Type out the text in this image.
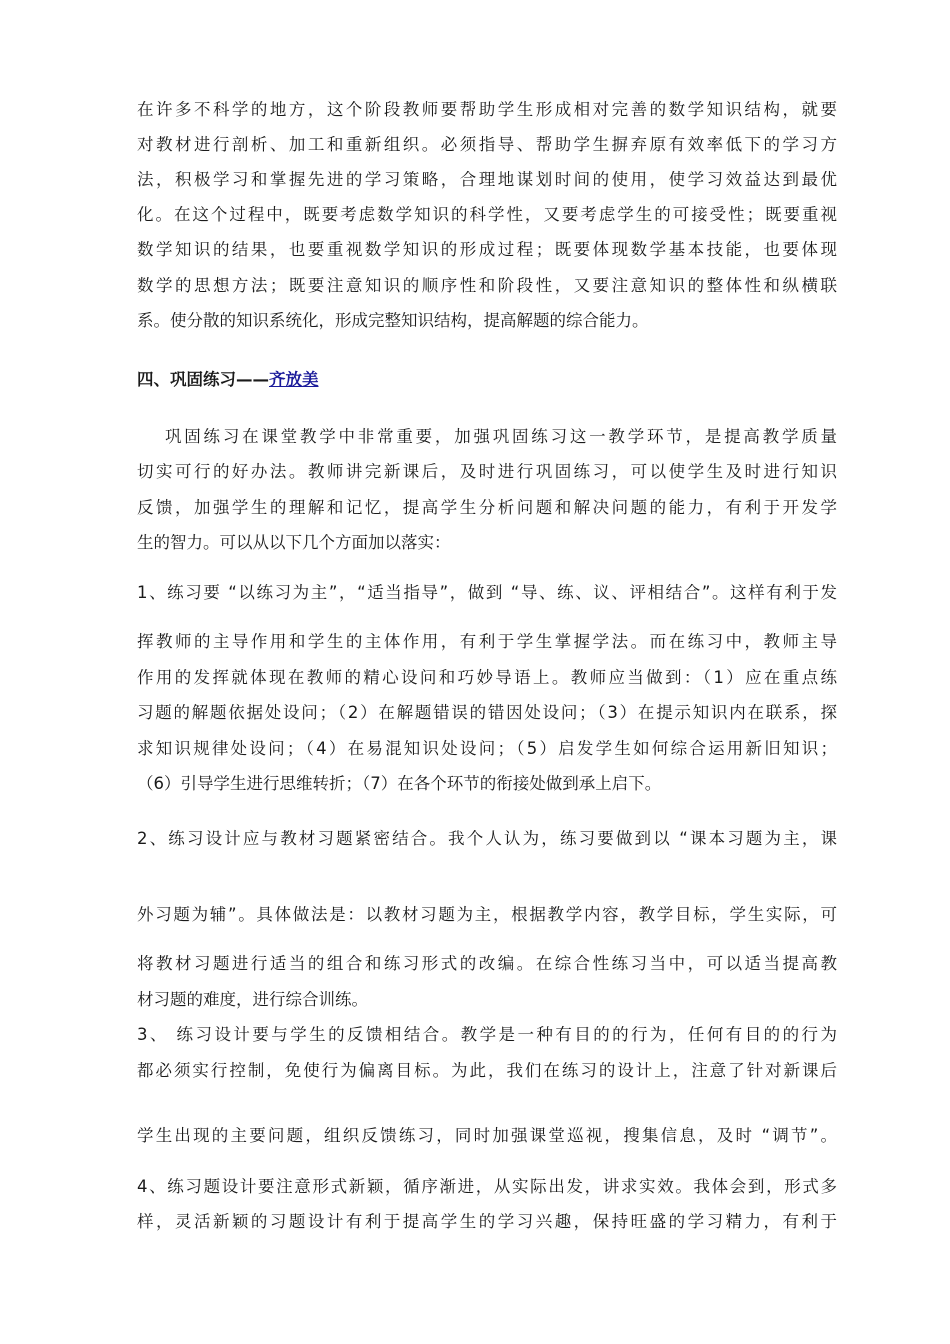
在许多不科学的地方，这个阶段教师要帮助学生形成相对完善的数学知识结构，就要
对教材进行剖析、加工和重新组织。必须指导、帮助学生摒弃原有效率低下的学习方
法，积极学习和掌握先进的学习策略，合理地谋划时间的使用，使学习效益达到最优
化。在这个过程中，既要考虑数学知识的科学性，又要考虑学生的可接受性；既要重视
数学知识的结果，也要重视数学知识的形成过程；既要体现数学基本技能，也要体现
数学的思想方法；既要注意知识的顺序性和阶段性，又要注意知识的整体性和纵横联
系。使分散的知识系统化，形成完整知识结构，提高解题的综合能力。
四、巩固练习——齐放美
巩固练习在课堂教学中非常重要，加强巩固练习这一教学环节，是提高教学质量
切实可行的好办法。教师讲完新课后，及时进行巩固练习，可以使学生及时进行知识
反馈，加强学生的理解和记忆，提高学生分析问题和解决问题的能力，有利于开发学
生的智力。可以从以下几个方面加以落实：
1、练习要 “以练习为主”，“适当指导”，做到 “导、练、议、评相结合”。这样有利于发
挥教师的主导作用和学生的主体作用，有利于学生掌握学法。而在练习中，教师主导
作用的发挥就体现在教师的精心设问和巧妙导语上。教师应当做到：（1）应在重点练
习题的解题依据处设问；（2）在解题错误的错因处设问；（3）在提示知识内在联系，探
求知识规律处设问；（4）在易混知识处设问；（5）启发学生如何综合运用新旧知识；
（6）引导学生进行思维转折；（7）在各个环节的衔接处做到承上启下。
2、练习设计应与教材习题紧密结合。我个人认为，练习要做到以 “课本习题为主，课
外习题为辅”。具体做法是：以教材习题为主，根据教学内容，教学目标，学生实际，可
将教材习题进行适当的组合和练习形式的改编。在综合性练习当中，可以适当提高教
材习题的难度，进行综合训练。
3、 练习设计要与学生的反馈相结合。教学是一种有目的的行为，任何有目的的行为
都必须实行控制，免使行为偏离目标。为此，我们在练习的设计上，注意了针对新课后
学生出现的主要问题，组织反馈练习，同时加强课堂巡视，搜集信息，及时 “调节”。
4、练习题设计要注意形式新颖，循序渐进，从实际出发，讲求实效。我体会到，形式多
样，灵活新颖的习题设计有利于提高学生的学习兴趣，保持旺盛的学习精力，有利于
